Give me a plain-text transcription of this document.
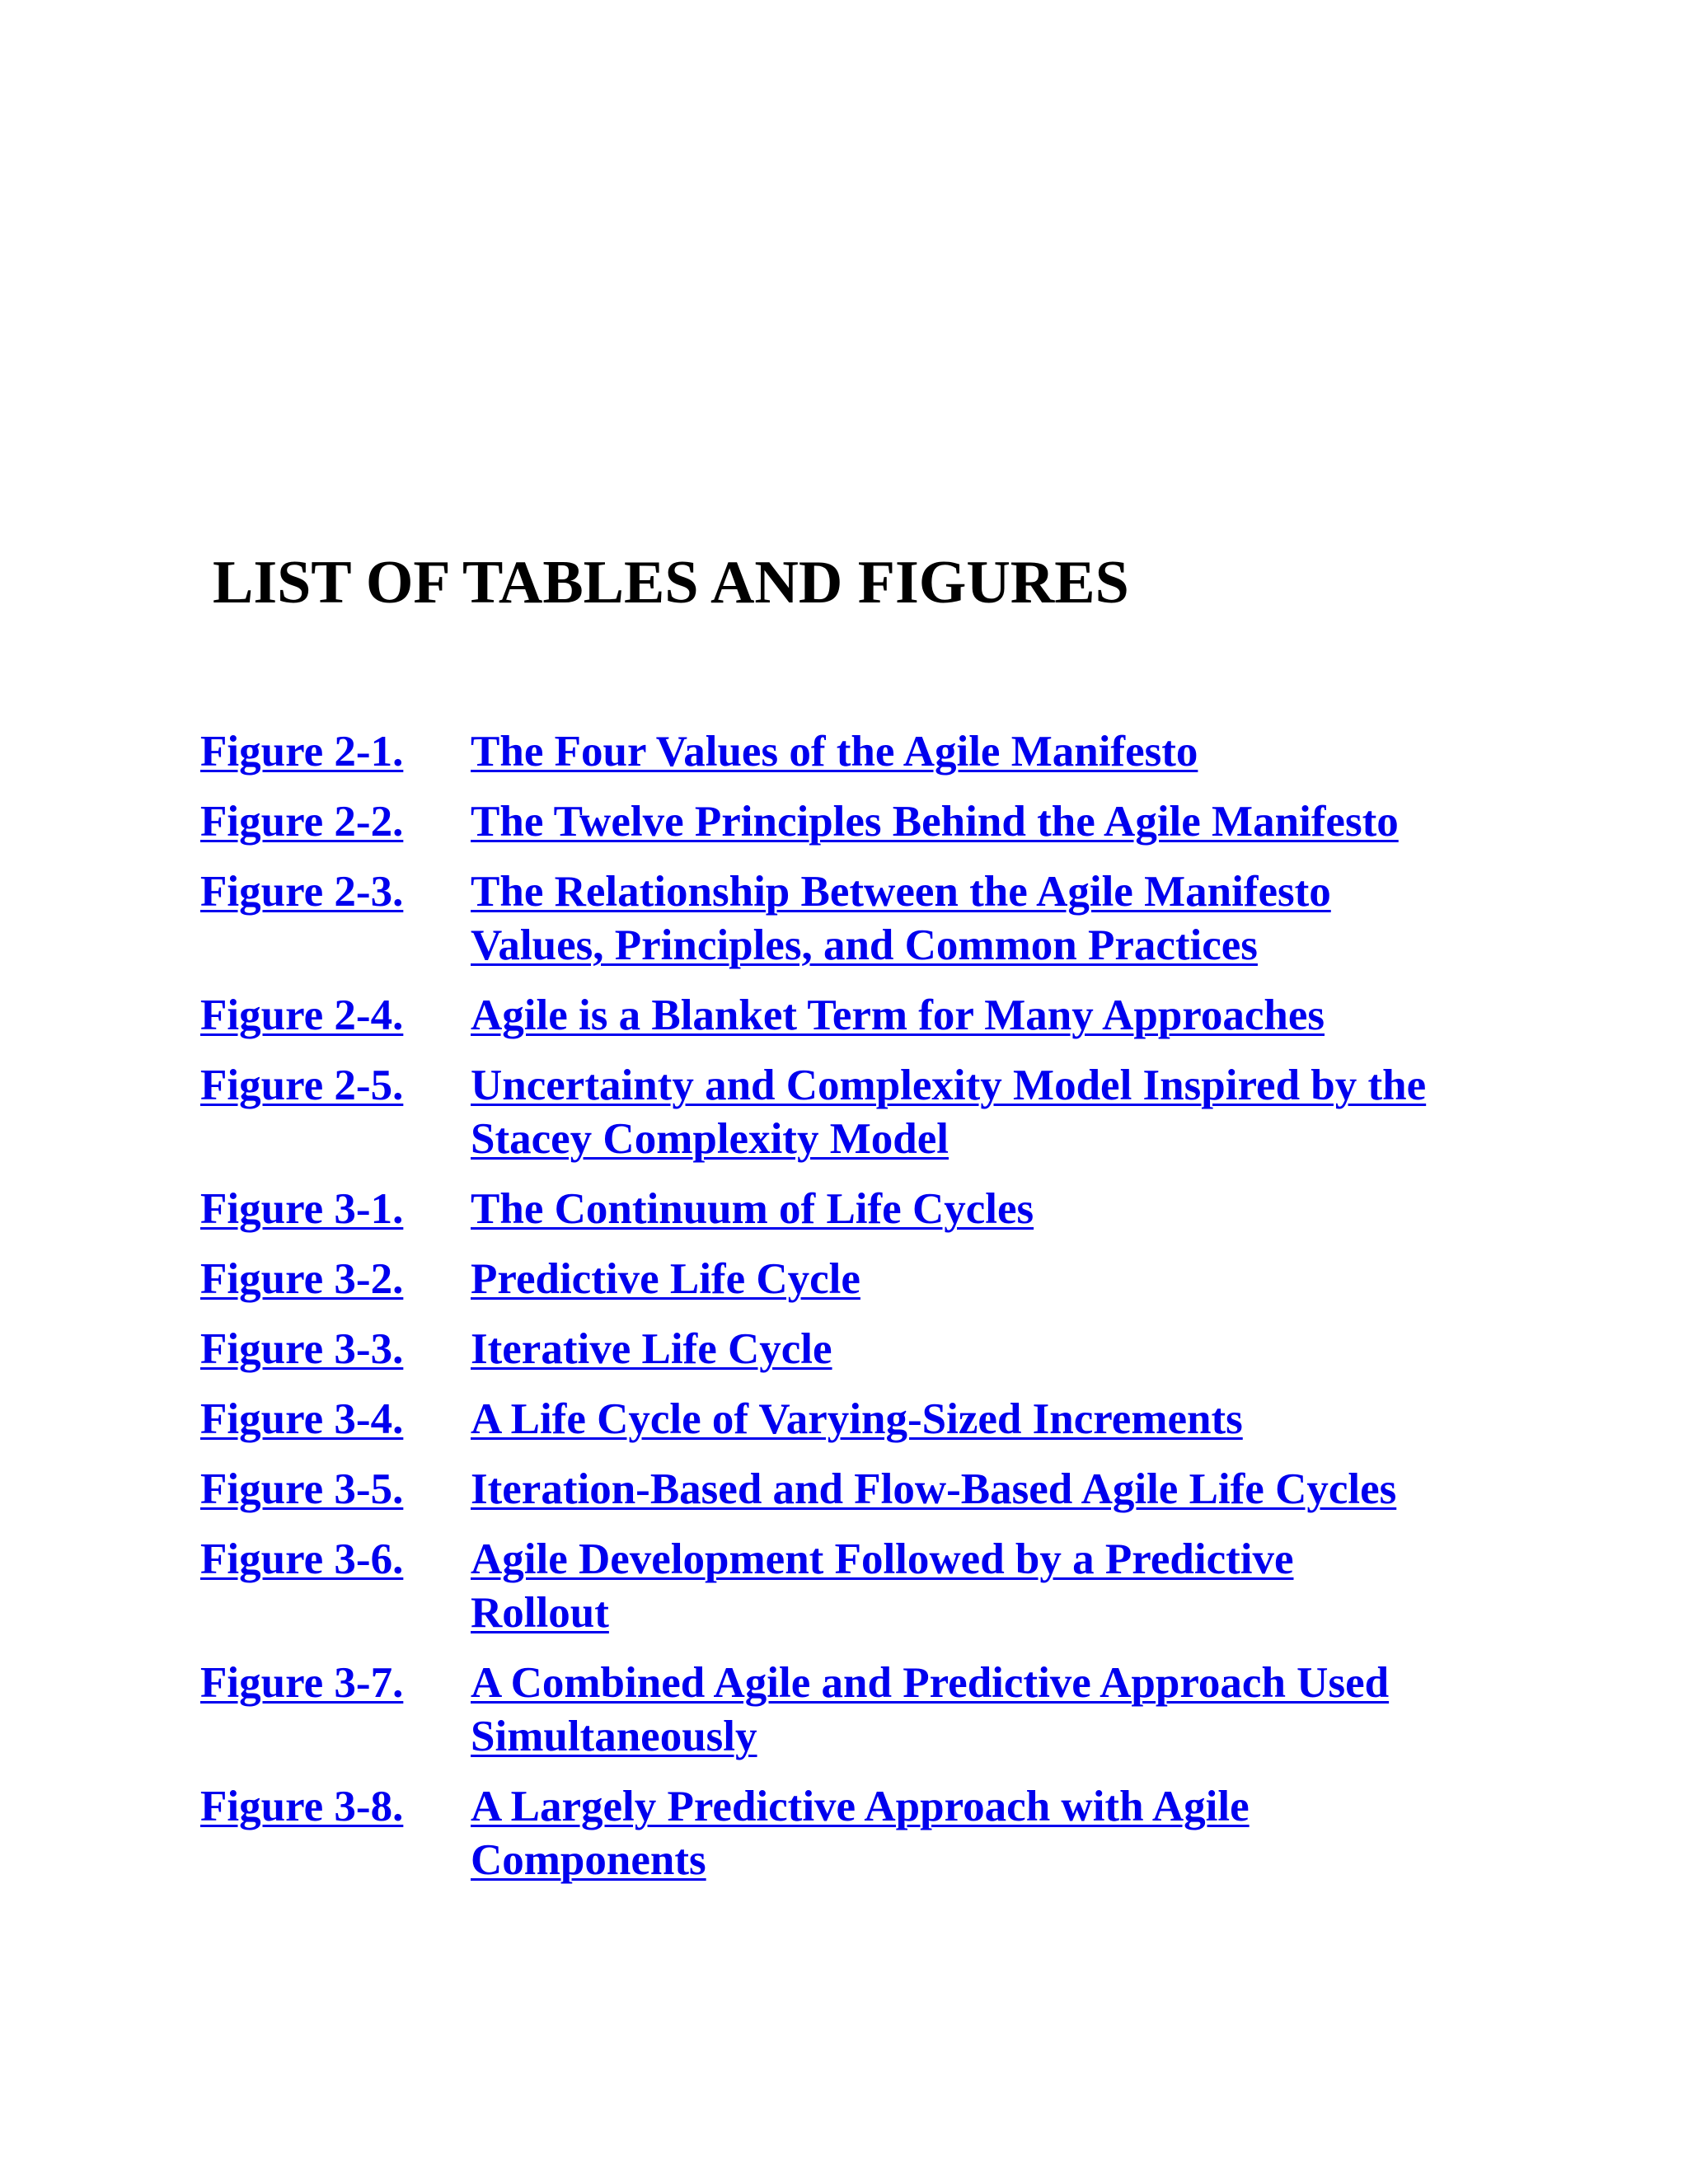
LIST OF TABLES AND FIGURES
Figure 2-1.	The Four Values of the Agile Manifesto
Figure 2-2.	The Twelve Principles Behind the Agile Manifesto
Figure 2-3.	The Relationship Between the Agile Manifesto Values, Principles, and Common Practices
Figure 2-4.	Agile is a Blanket Term for Many Approaches
Figure 2-5.	Uncertainty and Complexity Model Inspired by the Stacey Complexity Model
Figure 3-1.	The Continuum of Life Cycles
Figure 3-2.	Predictive Life Cycle
Figure 3-3.	Iterative Life Cycle
Figure 3-4.	A Life Cycle of Varying-Sized Increments
Figure 3-5.	Iteration-Based and Flow-Based Agile Life Cycles
Figure 3-6.	Agile Development Followed by a Predictive Rollout
Figure 3-7.	A Combined Agile and Predictive Approach Used Simultaneously
Figure 3-8.	A Largely Predictive Approach with Agile Components
